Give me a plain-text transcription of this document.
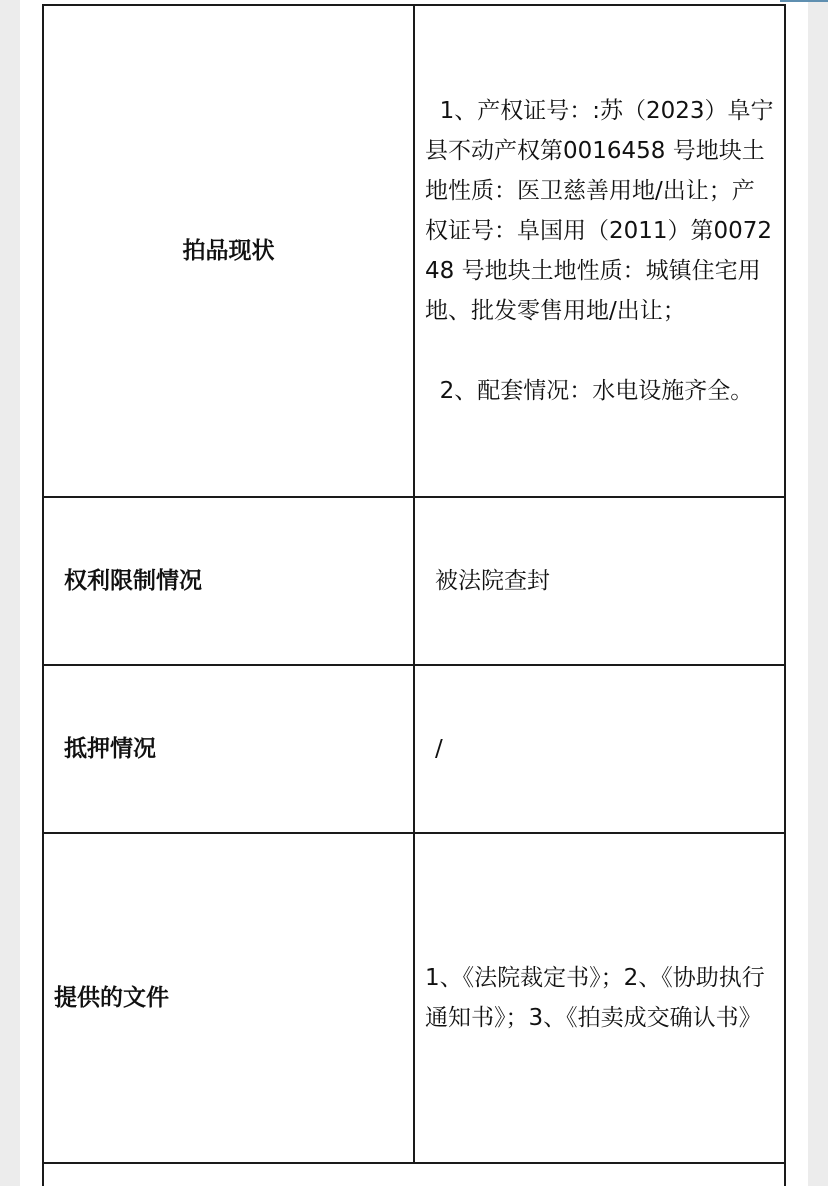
拍品现状	1、产权证号：:苏（2023）阜宁县不动产权第0016458 号地块土地性质：医卫慈善用地/出让；产权证号：阜国用（2011）第007248 号地块土地性质：城镇住宅用地、批发零售用地/出让；
2、配套情况：水电设施齐全。

权利限制情况	被法院查封
抵押情况	/
提供的文件	1、《法院裁定书》；2、《协助执行通知书》；3、《拍卖成交确认书》
